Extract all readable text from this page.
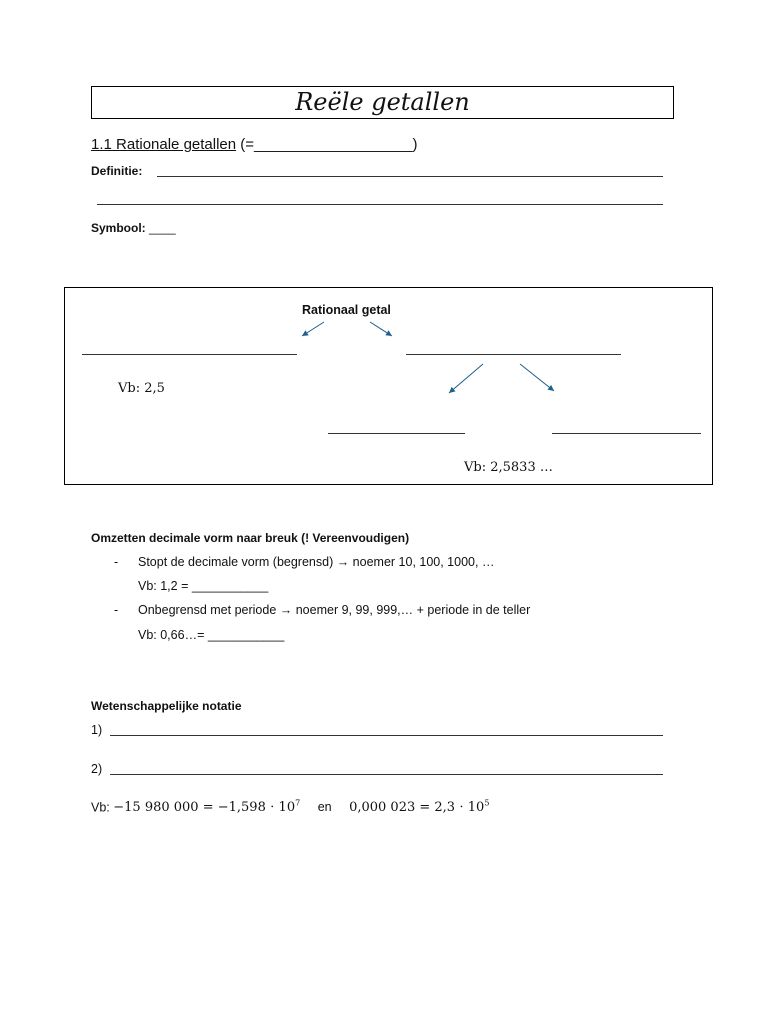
Reële getallen
1.1 Rationale getallen (=___________________)
Definitie:
Symbool: ____
Rationaal getal
Vb: 2,5
Vb: 2,5833 …
Omzetten decimale vorm naar breuk (! Vereenvoudigen)
- Stopt de decimale vorm (begrensd) → noemer 10, 100, 1000, …
Vb: 1,2 = ___________
- Onbegrensd met periode → noemer 9, 99, 999,… + periode in de teller
Vb: 0,66…= ___________
Wetenschappelijke notatie
1)
2)
Vb: −15 980 $000 = -1,598 \cdot 10^7$ en 0,000 $023 = 2,3 \cdot 10^5$
